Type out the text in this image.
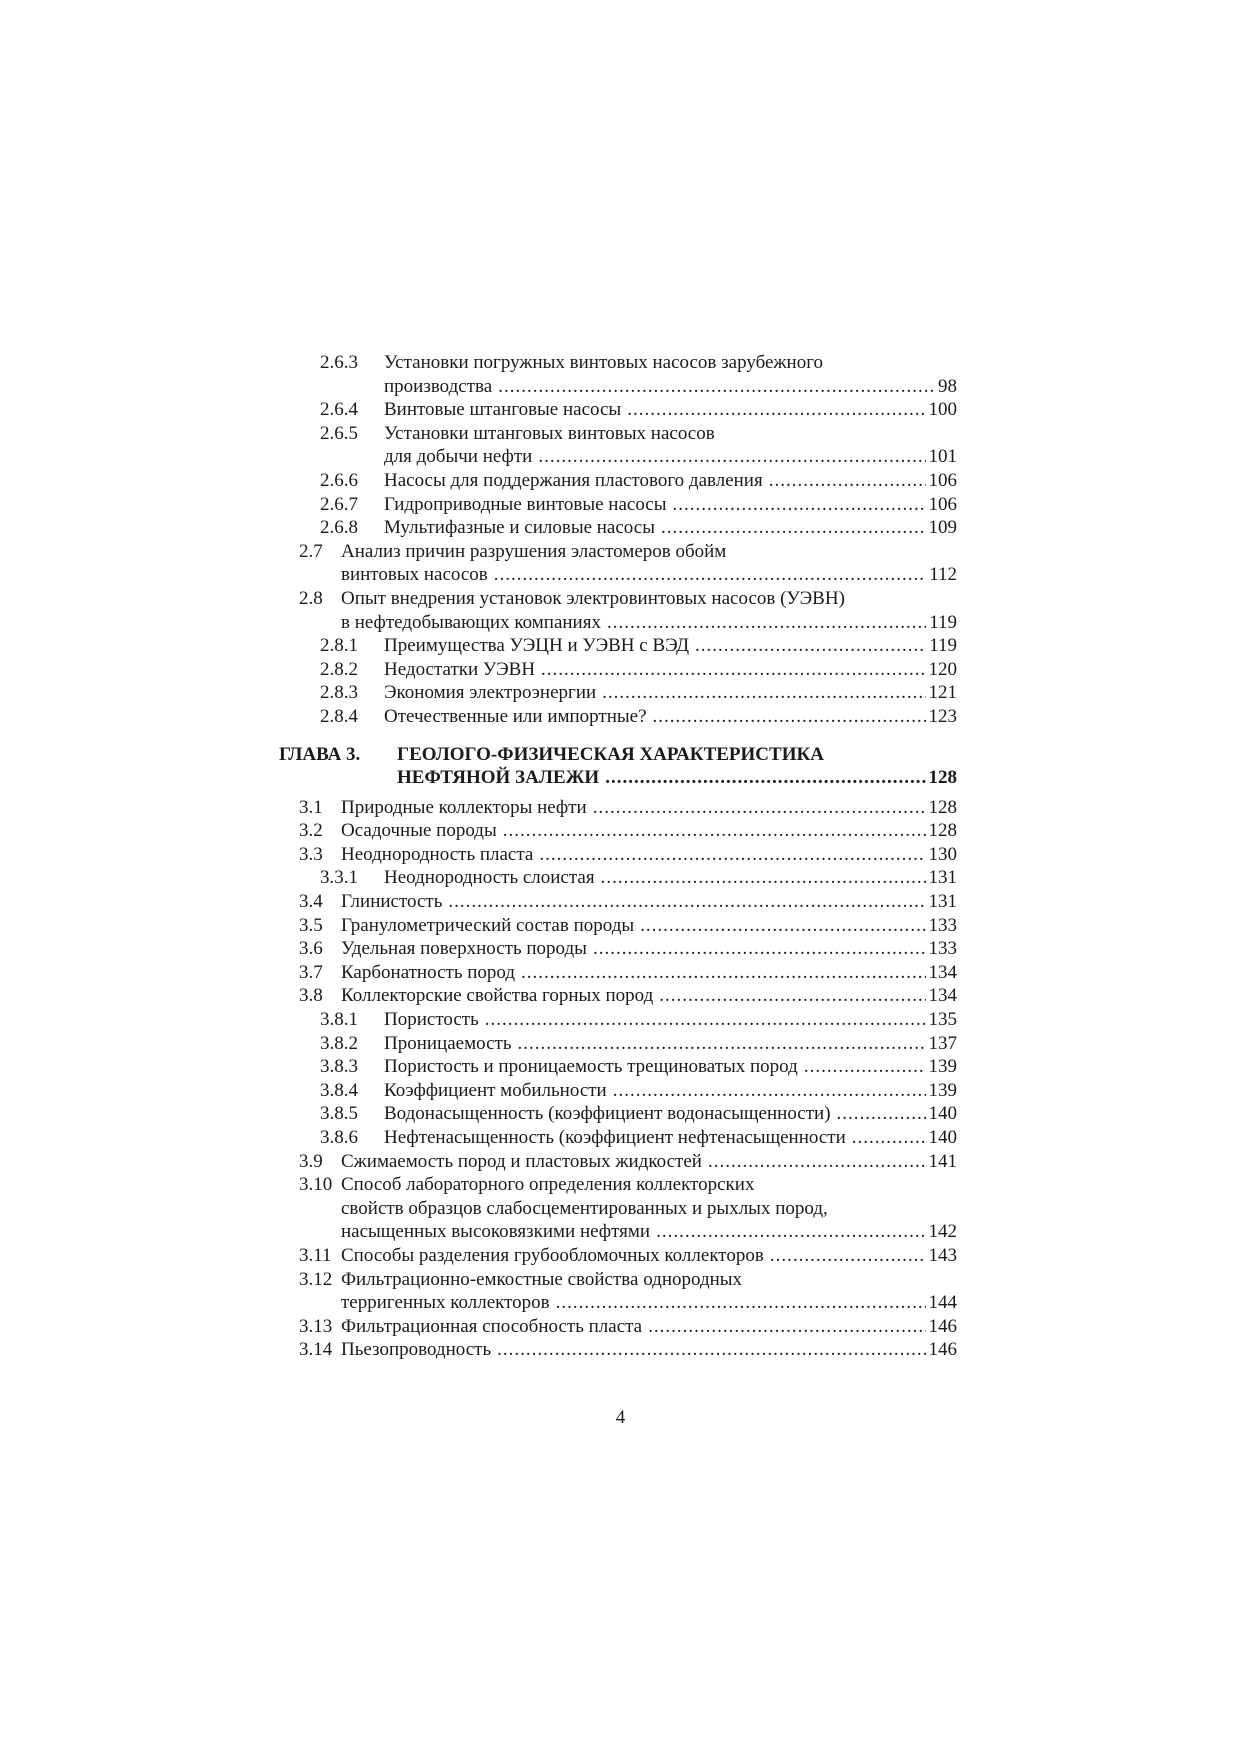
2.6.3 Установки погружных винтовых насосов зарубежного
производства .....	98
2.6.4 Винтовые штанговые насосы .....	100
2.6.5 Установки штанговых винтовых насосов
для добычи нефти .....	101
2.6.6 Насосы для поддержания пластового давления .....	106
2.6.7 Гидроприводные винтовые насосы .....	106
2.6.8 Мультифазные и силовые насосы .....	109
2.7 Анализ причин разрушения эластомеров обойм
винтовых насосов .....	112
2.8 Опыт внедрения установок электровинтовых насосов (УЭВН)
в нефтедобывающих компаниях .....	119
2.8.1 Преимущества УЭЦН и УЭВН с ВЭД .....	119
2.8.2 Недостатки УЭВН .....	120
2.8.3 Экономия электроэнергии .....	121
2.8.4 Отечественные или импортные? .....	123
ГЛАВА 3. ГЕОЛОГО-ФИЗИЧЕСКАЯ ХАРАКТЕРИСТИКА
НЕФТЯНОЙ ЗАЛЕЖИ .....	128
3.1 Природные коллекторы нефти .....	128
3.2 Осадочные породы .....	128
3.3 Неоднородность пласта .....	130
3.3.1 Неоднородность слоистая .....	131
3.4 Глинистость .....	131
3.5 Гранулометрический состав породы .....	133
3.6 Удельная поверхность породы .....	133
3.7 Карбонатность пород .....	134
3.8 Коллекторские свойства горных пород .....	134
3.8.1 Пористость .....	135
3.8.2 Проницаемость .....	137
3.8.3 Пористость и проницаемость трещиноватых пород .....	139
3.8.4 Коэффициент мобильности .....	139
3.8.5 Водонасыщенность (коэффициент водонасыщенности) .....	140
3.8.6 Нефтенасыщенность (коэффициент нефтенасыщенности .....	140
3.9 Сжимаемость пород и пластовых жидкостей .....	141
3.10 Способ лабораторного определения коллекторских
свойств образцов слабосцементированных и рыхлых пород,
насыщенных высоковязкими нефтями .....	142
3.11 Способы разделения грубообломочных коллекторов .....	143
3.12 Фильтрационно-емкостные свойства однородных
терригенных коллекторов .....	144
3.13 Фильтрационная способность пласта .....	146
3.14 Пьезопроводность .....	146
4
